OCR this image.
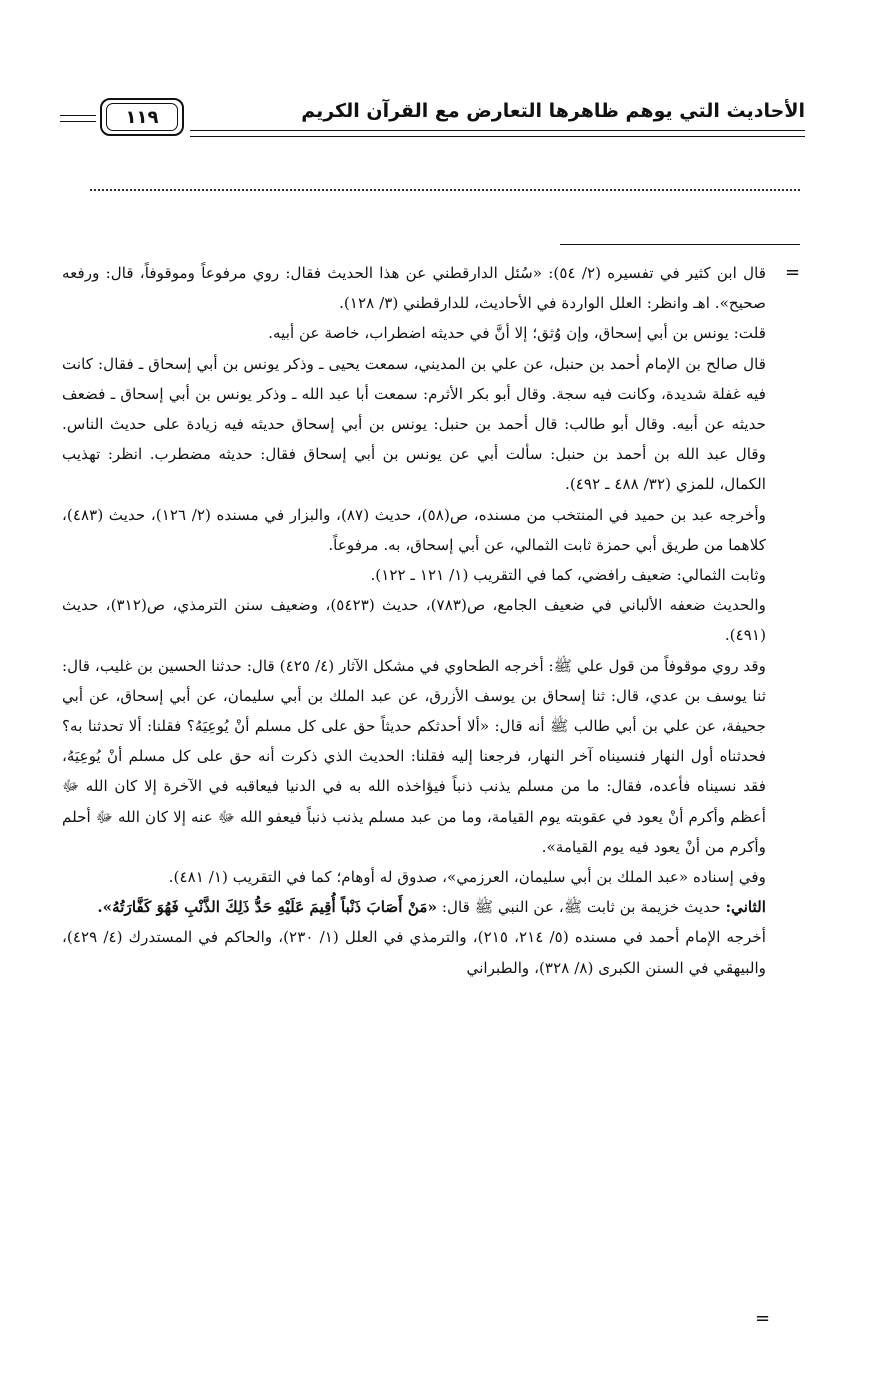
الأحاديث التي يوهم ظاهرها التعارض مع القرآن الكريم
١١٩
=

قال ابن كثير في تفسيره (٢/ ٥٤): «سُئل الدارقطني عن هذا الحديث فقال: روي مرفوعاً وموقوفاً، قال: ورفعه صحيح». اهـ وانظر: العلل الواردة في الأحاديث، للدارقطني (٣/ ١٢٨).

قلت: يونس بن أبي إسحاق، وإن وُثق؛ إلا أنَّ في حديثه اضطراب، خاصة عن أبيه.

قال صالح بن الإمام أحمد بن حنبل، عن علي بن المديني، سمعت يحيى ـ وذكر يونس بن أبي إسحاق ـ فقال: كانت فيه غفلة شديدة، وكانت فيه سجة. وقال أبو بكر الأثرم: سمعت أبا عبد الله ـ وذكر يونس بن أبي إسحاق ـ فضعف حديثه عن أبيه. وقال أبو طالب: قال أحمد بن حنبل: يونس بن أبي إسحاق حديثه فيه زيادة على حديث الناس. وقال عبد الله بن أحمد بن حنبل: سألت أبي عن يونس بن أبي إسحاق فقال: حديثه مضطرب. انظر: تهذيب الكمال، للمزي (٣٢/ ٤٨٨ ـ ٤٩٢).

وأخرجه عبد بن حميد في المنتخب من مسنده، ص(٥٨)، حديث (٨٧)، والبزار في مسنده (٢/ ١٢٦)، حديث (٤٨٣)، كلاهما من طريق أبي حمزة ثابت الثمالي، عن أبي إسحاق، به. مرفوعاً.

وثابت الثمالي: ضعيف رافضي، كما في التقريب (١/ ١٢١ ـ ١٢٢).

والحديث ضعفه الألباني في ضعيف الجامع، ص(٧٨٣)، حديث (٥٤٢٣)، وضعيف سنن الترمذي، ص(٣١٢)، حديث (٤٩١).

وقد روي موقوفاً من قول علي ﷺ: أخرجه الطحاوي في مشكل الآثار (٤/ ٤٢٥) قال: حدثنا الحسين بن غليب، قال: ثنا يوسف بن عدي، قال: ثنا إسحاق بن يوسف الأزرق، عن عبد الملك بن أبي سليمان، عن أبي إسحاق، عن أبي جحيفة، عن علي بن أبي طالب ﷺ أنه قال: «ألا أحدثكم حديثاً حق على كل مسلم أنْ يُوعِيَهُ؟ فقلنا: ألا تحدثنا به؟ فحدثناه أول النهار فنسيناه آخر النهار، فرجعنا إليه فقلنا: الحديث الذي ذكرت أنه حق على كل مسلم أنْ يُوعِيَهُ، فقد نسيناه فأعده، فقال: ما من مسلم يذنب ذنباً فيؤاخذه الله به في الدنيا فيعاقبه في الآخرة إلا كان الله ﷻ أعظم وأكرم أنْ يعود في عقوبته يوم القيامة، وما من عبد مسلم يذنب ذنباً فيعفو الله ﷻ عنه إلا كان الله ﷻ أحلم وأكرم من أنْ يعود فيه يوم القيامة».

وفي إسناده «عبد الملك بن أبي سليمان، العرزمي»، صدوق له أوهام؛ كما في التقريب (١/ ٤٨١).

الثاني: حديث خزيمة بن ثابت ﷺ، عن النبي ﷺ قال: «مَنْ أَصَابَ ذَنْباً أُقِيمَ عَلَيْهِ حَدُّ ذَلِكَ الذَّنْبِ فَهُوَ كَفَّارَتُهُ».

أخرجه الإمام أحمد في مسنده (٥/ ٢١٤، ٢١٥)، والترمذي في العلل (١/ ٢٣٠)، والحاكم في المستدرك (٤/ ٤٢٩)، والبيهقي في السنن الكبرى (٨/ ٣٢٨)، والطبراني

=
